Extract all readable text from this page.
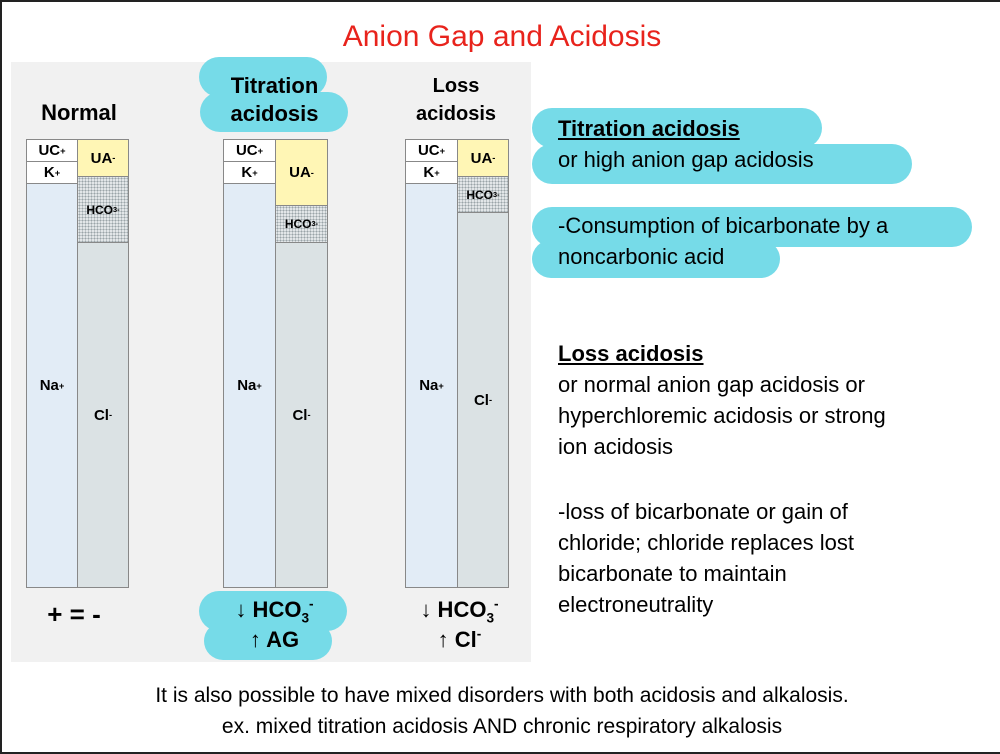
Anion Gap and Acidosis
Normal
UC +
K +
Na +
UA -
HCO 3 -
Cl -
+ = -
Titration
acidosis
UC +
K +
Na +
UA -
HCO 3 -
Cl -
↓ $HCO_3^-$
↑ AG
Loss
acidosis
UC +
K +
Na +
UA -
HCO 3 -
Cl -
↓ $HCO_3^-$
↑ Cl-
Titration acidosis
or high anion gap acidosis
-Consumption of bicarbonate by a
noncarbonic acid
Loss acidosis
or normal anion gap acidosis or
hyperchloremic acidosis or strong
ion acidosis
-loss of bicarbonate or gain of
chloride; chloride replaces lost
bicarbonate to maintain
electroneutrality
It is also possible to have mixed disorders with both acidosis and alkalosis.
ex. mixed titration acidosis AND chronic respiratory alkalosis
